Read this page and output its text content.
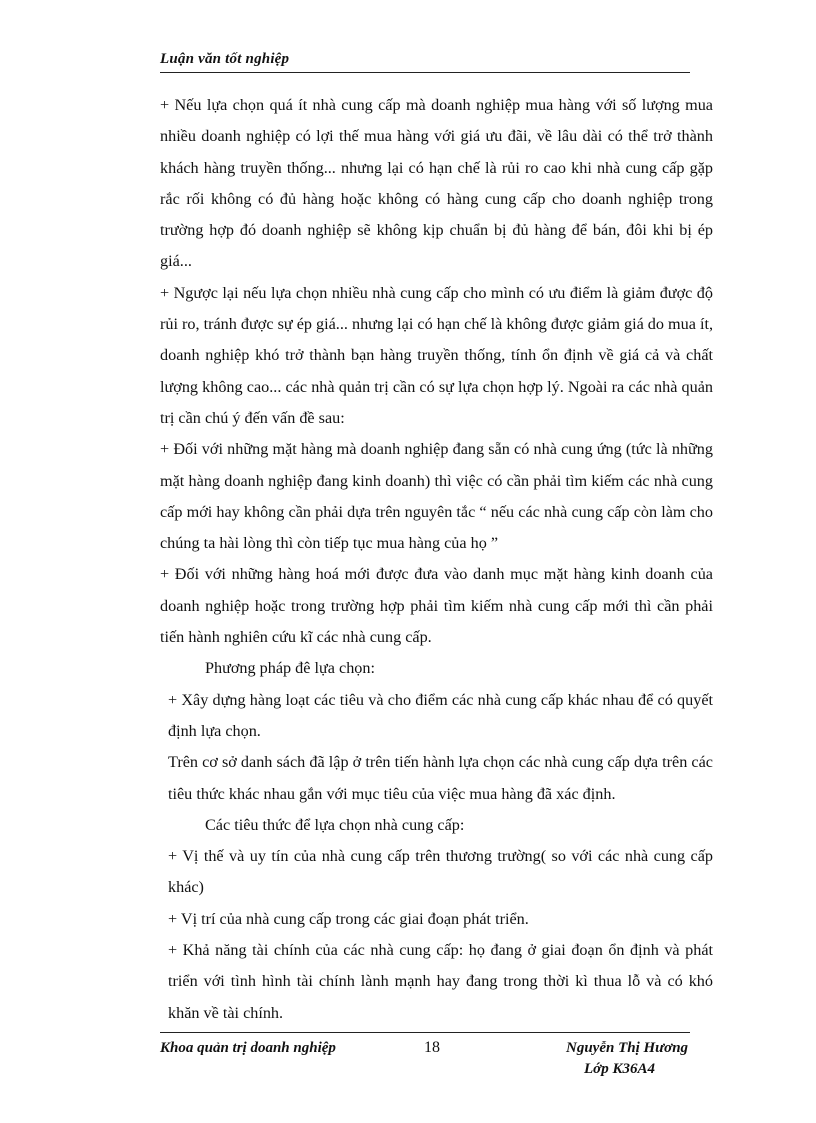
Luận văn tốt nghiệp

+ Nếu lựa chọn quá ít nhà cung cấp mà doanh nghiệp mua hàng với số lượng mua nhiều doanh nghiệp có lợi thế mua hàng với giá ưu đãi, về lâu dài có thể trở thành khách hàng truyền thống... nhưng lại có hạn chế là rủi ro cao khi nhà cung cấp gặp rắc rối không có đủ hàng hoặc không có hàng cung cấp cho doanh nghiệp trong trường hợp đó doanh nghiệp sẽ không kịp chuẩn bị đủ hàng để bán, đôi khi bị ép giá...

+ Ngược lại nếu lựa chọn nhiều nhà cung cấp cho mình có ưu điểm là giảm được độ rủi ro, tránh được sự ép giá... nhưng lại có hạn chế là không được giảm giá do mua ít, doanh nghiệp khó trở thành bạn hàng truyền thống, tính ổn định về giá cả và chất lượng không cao... các nhà quản trị cần có sự lựa chọn hợp lý. Ngoài ra các nhà quản trị cần chú ý đến vấn đề sau:

+ Đối với những mặt hàng mà doanh nghiệp đang sẵn có nhà cung ứng (tức là những mặt hàng doanh nghiệp đang kinh doanh) thì việc có cần phải tìm kiếm các nhà cung cấp mới hay không cần phải dựa trên nguyên tắc “ nếu các nhà cung cấp còn làm cho chúng ta hài lòng thì còn tiếp tục mua hàng của họ ”

+ Đối với những hàng hoá mới được đưa vào danh mục mặt hàng kinh doanh của doanh nghiệp hoặc trong trường hợp phải tìm kiếm nhà cung cấp mới thì cần phải tiến hành nghiên cứu kĩ các nhà cung cấp.

Phương pháp đê lựa chọn:

+ Xây dựng hàng loạt các tiêu và cho điểm các nhà cung cấp khác nhau để có quyết định lựa chọn.

Trên cơ sở danh sách đã lập ở trên tiến hành lựa chọn các nhà cung cấp dựa trên các tiêu thức khác nhau gắn với mục tiêu của việc mua hàng đã xác định.

Các tiêu thức để lựa chọn nhà cung cấp:

+ Vị thế và uy tín của nhà cung cấp trên thương trường( so với các nhà cung cấp khác)

+ Vị trí của nhà cung cấp trong các giai đoạn phát triển.

+ Khả năng tài chính của các nhà cung cấp: họ đang ở giai đoạn ổn định và phát triển với tình hình tài chính lành mạnh hay đang trong thời kì thua lỗ và có khó khăn về tài chính.

Khoa quản trị doanh nghiệp	18	Nguyễn Thị Hương
Lớp K36A4
